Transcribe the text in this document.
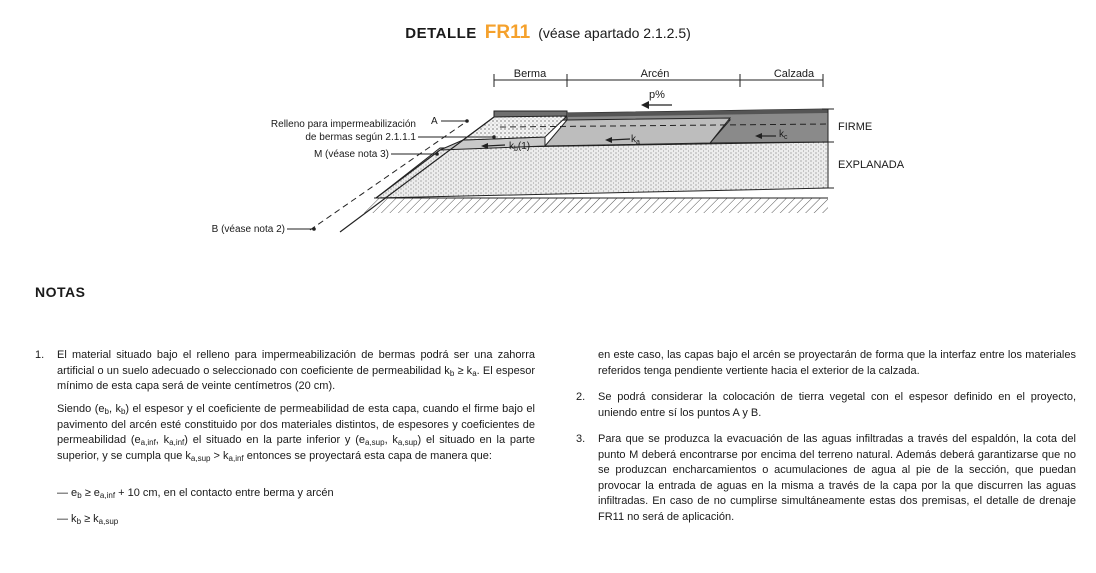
DETALLE FR11 (véase apartado 2.1.2.5)
Berma	Arcén	Calzada
p%
$k_b(1)$
$k_a$
$k_c$
FIRME
EXPLANADA
A
Relleno para impermeabilización
de bermas según 2.1.1.1
M (véase nota 3)
B (véase nota 2)
NOTAS
1. El material situado bajo el relleno para impermeabilización de bermas podrá ser una zahorra artificial o un suelo adecuado o seleccionado con coeficiente de permeabilidad $k_b \ge k_a$. El espesor mínimo de esta capa será de veinte centímetros (20 cm).
Siendo ($e_b$, $k_b$) el espesor y el coeficiente de permeabilidad de esta capa, cuando el firme bajo el pavimento del arcén esté constituido por dos materiales distintos, de espesores y coeficientes de permeabilidad ($e_{a,inf}$, $k_{a,inf}$) el situado en la parte inferior y ($e_{a,sup}$, $k_{a,sup}$) el situado en la parte superior, y se cumpla que $k_{a,sup} > k_{a,inf}$ entonces se proyectará esta capa de manera que:
— $e_b \ge e_{a,inf} + 10$ cm, en el contacto entre berma y arcén
— $k_b \ge k_{a,sup}$
en este caso, las capas bajo el arcén se proyectarán de forma que la interfaz entre los materiales referidos tenga pendiente vertiente hacia el exterior de la calzada.
2. Se podrá considerar la colocación de tierra vegetal con el espesor definido en el proyecto, uniendo entre sí los puntos A y B.
3. Para que se produzca la evacuación de las aguas infiltradas a través del espaldón, la cota del punto M deberá encontrarse por encima del terreno natural. Además deberá garantizarse que no se produzcan encharcamientos o acumulaciones de agua al pie de la sección, que puedan provocar la entrada de aguas en la misma a través de la capa por la que discurren las aguas infiltradas. En caso de no cumplirse simultáneamente estas dos premisas, el detalle de drenaje FR11 no será de aplicación.
